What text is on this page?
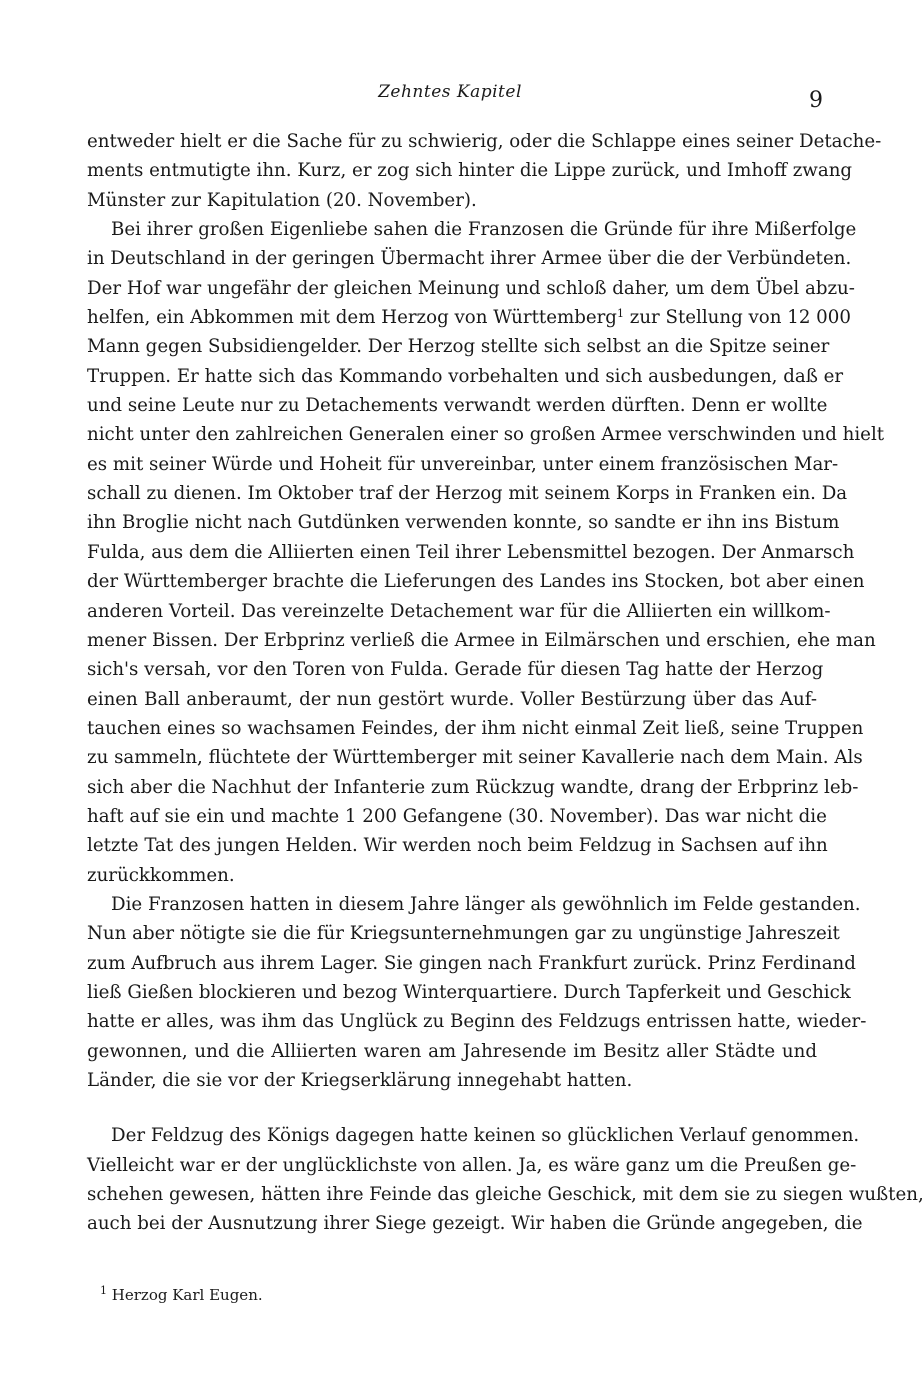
Zehntes Kapitel	9
entweder hielt er die Sache für zu schwierig, oder die Schlappe eines seiner Detache-
ments entmutigte ihn. Kurz, er zog sich hinter die Lippe zurück, und Imhoff zwang
Münster zur Kapitulation (20. November).
Bei ihrer großen Eigenliebe sahen die Franzosen die Gründe für ihre Mißerfolge
in Deutschland in der geringen Übermacht ihrer Armee über die der Verbündeten.
Der Hof war ungefähr der gleichen Meinung und schloß daher, um dem Übel abzu-
helfen, ein Abkommen mit dem Herzog von Württemberg$^1$ zur Stellung von 12 000
Mann gegen Subsidiengelder. Der Herzog stellte sich selbst an die Spitze seiner
Truppen. Er hatte sich das Kommando vorbehalten und sich ausbedungen, daß er
und seine Leute nur zu Detachements verwandt werden dürften. Denn er wollte
nicht unter den zahlreichen Generalen einer so großen Armee verschwinden und hielt
es mit seiner Würde und Hoheit für unvereinbar, unter einem französischen Mar-
schall zu dienen. Im Oktober traf der Herzog mit seinem Korps in Franken ein. Da
ihn Broglie nicht nach Gutdünken verwenden konnte, so sandte er ihn ins Bistum
Fulda, aus dem die Alliierten einen Teil ihrer Lebensmittel bezogen. Der Anmarsch
der Württemberger brachte die Lieferungen des Landes ins Stocken, bot aber einen
anderen Vorteil. Das vereinzelte Detachement war für die Alliierten ein willkom-
mener Bissen. Der Erbprinz verließ die Armee in Eilmärschen und erschien, ehe man
sich's versah, vor den Toren von Fulda. Gerade für diesen Tag hatte der Herzog
einen Ball anberaumt, der nun gestört wurde. Voller Bestürzung über das Auf-
tauchen eines so wachsamen Feindes, der ihm nicht einmal Zeit ließ, seine Truppen
zu sammeln, flüchtete der Württemberger mit seiner Kavallerie nach dem Main. Als
sich aber die Nachhut der Infanterie zum Rückzug wandte, drang der Erbprinz leb-
haft auf sie ein und machte 1 200 Gefangene (30. November). Das war nicht die
letzte Tat des jungen Helden. Wir werden noch beim Feldzug in Sachsen auf ihn
zurückkommen.
Die Franzosen hatten in diesem Jahre länger als gewöhnlich im Felde gestanden.
Nun aber nötigte sie die für Kriegsunternehmungen gar zu ungünstige Jahreszeit
zum Aufbruch aus ihrem Lager. Sie gingen nach Frankfurt zurück. Prinz Ferdinand
ließ Gießen blockieren und bezog Winterquartiere. Durch Tapferkeit und Geschick
hatte er alles, was ihm das Unglück zu Beginn des Feldzugs entrissen hatte, wieder-
gewonnen, und die Alliierten waren am Jahresende im Besitz aller Städte und
Länder, die sie vor der Kriegserklärung innegehabt hatten.
Der Feldzug des Königs dagegen hatte keinen so glücklichen Verlauf genommen.
Vielleicht war er der unglücklichste von allen. Ja, es wäre ganz um die Preußen ge-
schehen gewesen, hätten ihre Feinde das gleiche Geschick, mit dem sie zu siegen wußten,
auch bei der Ausnutzung ihrer Siege gezeigt. Wir haben die Gründe angegeben, die
$^1$ Herzog Karl Eugen.
